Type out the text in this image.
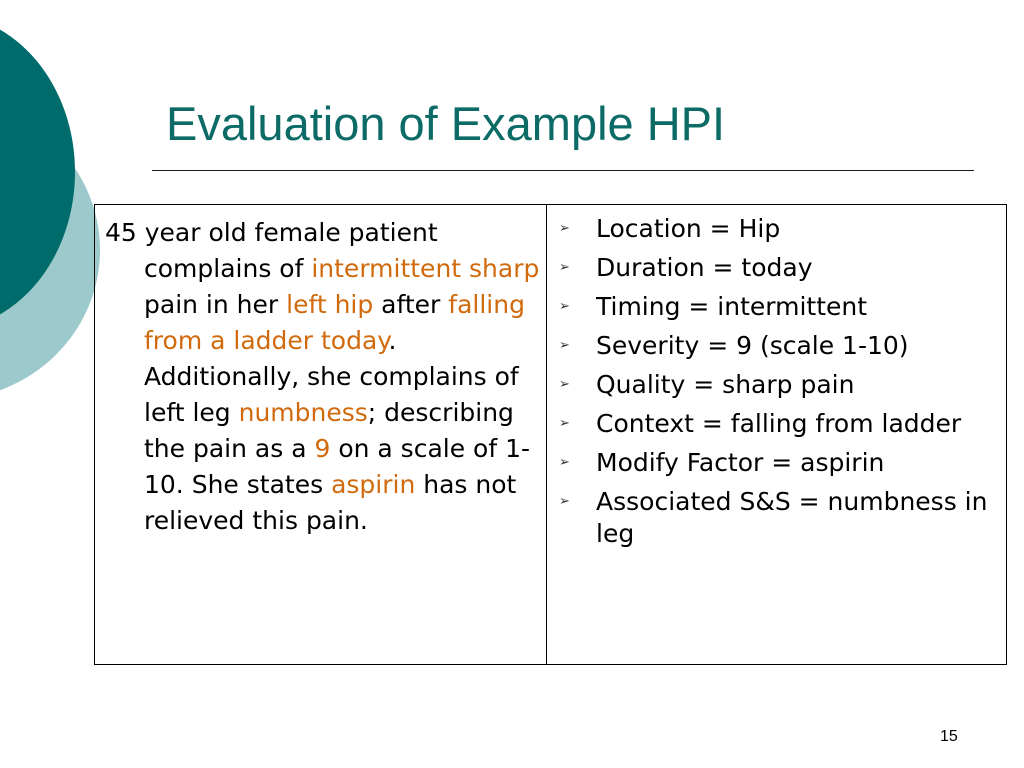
Evaluation of Example HPI

45 year old female patient complains of intermittent sharp pain in her left hip after falling from a ladder today. Additionally, she complains of left leg numbness; describing the pain as a 9 on a scale of 1-10. She states aspirin has not relieved this pain.

➢	Location = Hip
➢	Duration = today
➢	Timing = intermittent
➢	Severity = 9 (scale 1-10)
➢	Quality = sharp pain
➢	Context = falling from ladder
➢	Modify Factor = aspirin
➢	Associated S&S = numbness in leg
15
